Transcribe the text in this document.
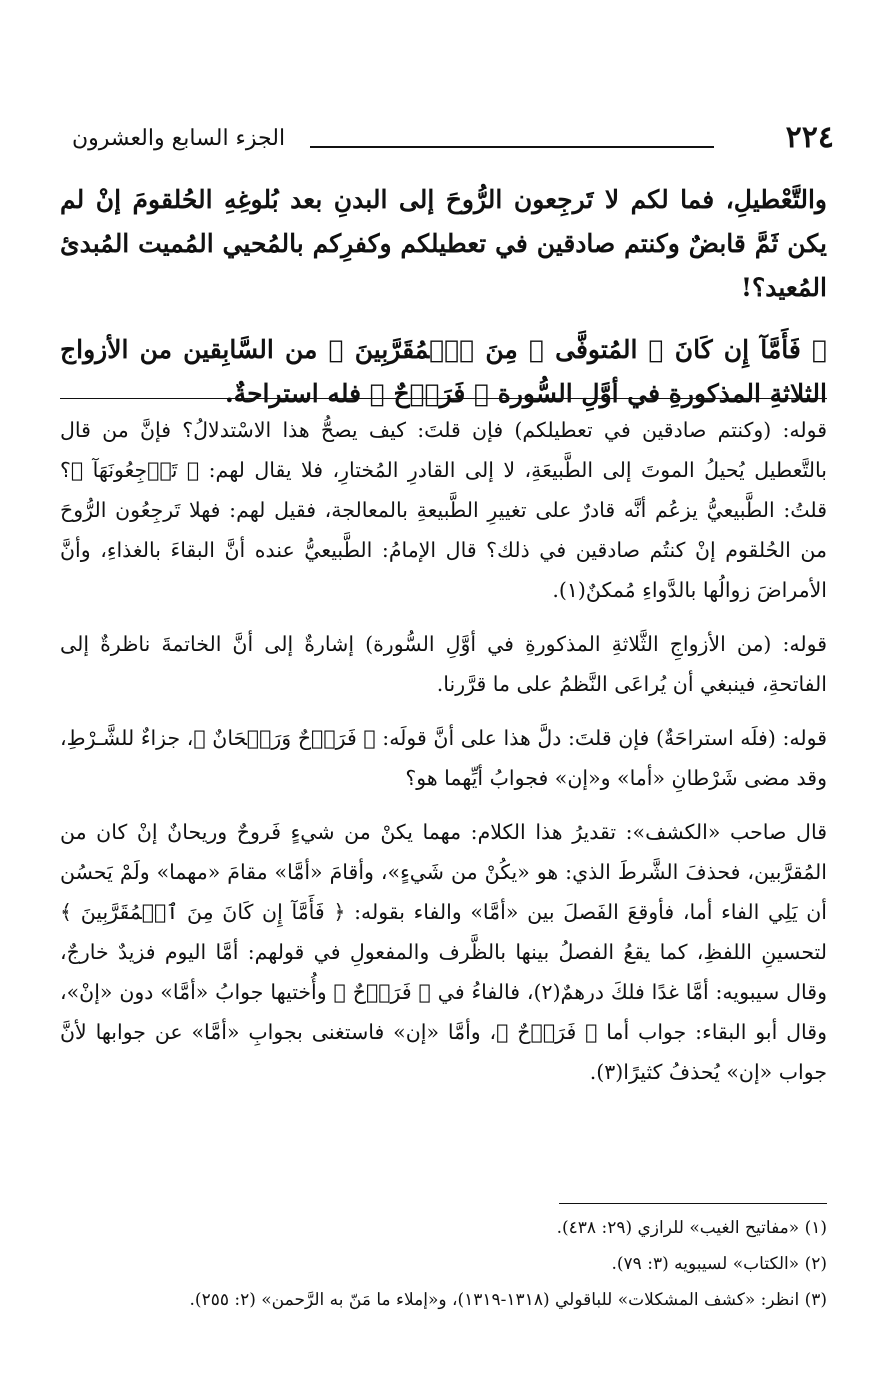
٢٢٤
الجزء السابع والعشرون

والتَّعْطيلِ، فما لكم لا تَرجِعون الرُّوحَ إلى البدنِ بعد بُلوغِهِ الحُلقومَ إنْ لم يكن ثَمَّ قابضٌ وكنتم صادقين في تعطيلكم وكفرِكم بالمُحيي المُميت المُبدئ المُعيد؟!

﴿ فَأَمَّآ إِن كَانَ ﴾ المُتوفَّى ﴿ مِنَ ٱلۡمُقَرَّبِينَ ﴾ من السَّابِقين من الأزواج الثلاثةِ المذكورةِ في أوَّلِ السُّورة ﴿ فَرَوۡحٌ ﴾ فله استراحةٌ.

قوله: (وكنتم صادقين في تعطيلكم) فإن قلتَ: كيف يصحُّ هذا الاسْتدلالُ؟ فإنَّ من قال بالتَّعطيل يُحيلُ الموتَ إلى الطَّبيعَةِ، لا إلى القادرِ المُختارِ، فلا يقال لهم: ﴿ تَرۡجِعُونَهَآ ﴾؟ قلتُ: الطَّبيعيُّ يزعُم أنَّه قادرٌ على تغييرِ الطَّبيعةِ بالمعالجة، فقيل لهم: فهلا تَرجِعُون الرُّوحَ من الحُلقوم إنْ كنتُم صادقين في ذلك؟ قال الإمامُ: الطَّبيعيُّ عنده أنَّ البقاءَ بالغذاءِ، وأنَّ الأمراضَ زوالُها بالدَّواءِ مُمكنٌ(١).

قوله: (من الأزواجِ الثَّلاثةِ المذكورةِ في أوَّلِ السُّورة) إشارةٌ إلى أنَّ الخاتمةَ ناظرةٌ إلى الفاتحةِ، فينبغي أن يُراعَى النَّظمُ على ما قرَّرنا.

قوله: (فلَه استراحَةٌ) فإن قلتَ: دلَّ هذا على أنَّ قولَه: ﴿ فَرَوۡحٌ وَرَيۡحَانٌ ﴾، جزاءٌ للشَّـرْطِ، وقد مضى شَرْطانِ «أما» و«إن» فجوابُ أيِّهما هو؟

قال صاحب «الكشف»: تقديرُ هذا الكلام: مهما يكنْ من شيءٍ فَروحٌ وريحانٌ إنْ كان من المُقرَّبين، فحذفَ الشَّرطَ الذي: هو «يكُنْ من شَيءٍ»، وأقامَ «أمَّا» مقامَ «مهما» ولَمْ يَحسُن أن يَلِي الفاء أما، فأوقعَ الفَصلَ بين «أمَّا» والفاء بقوله: ﴿ فَأَمَّآ إِن كَانَ مِنَ ٱلۡمُقَرَّبِينَ ﴾ لتحسينِ اللفظِ، كما يقعُ الفصلُ بينها بالظَّرف والمفعولِ في قولهم: أمَّا اليوم فزيدٌ خارجٌ، وقال سيبويه: أمَّا غدًا فلكَ درهمٌ(٢)، فالفاءُ في ﴿ فَرَوۡحٌ ﴾ وأُختيها جوابُ «أمَّا» دون «إنْ»، وقال أبو البقاء: جواب أما ﴿ فَرَوۡحٌ ﴾، وأمَّا «إن» فاستغنى بجوابِ «أمَّا» عن جوابها لأنَّ جواب «إن» يُحذفُ كثيرًا(٣).

(١) «مفاتيح الغيب» للرازي (٢٩: ٤٣٨).

(٢) «الكتاب» لسيبويه (٣: ٧٩).

(٣) انظر: «كشف المشكلات» للباقولي (١٣١٨-١٣١٩)، و«إملاء ما مَنّ به الرَّحمن» (٢: ٢٥٥).
